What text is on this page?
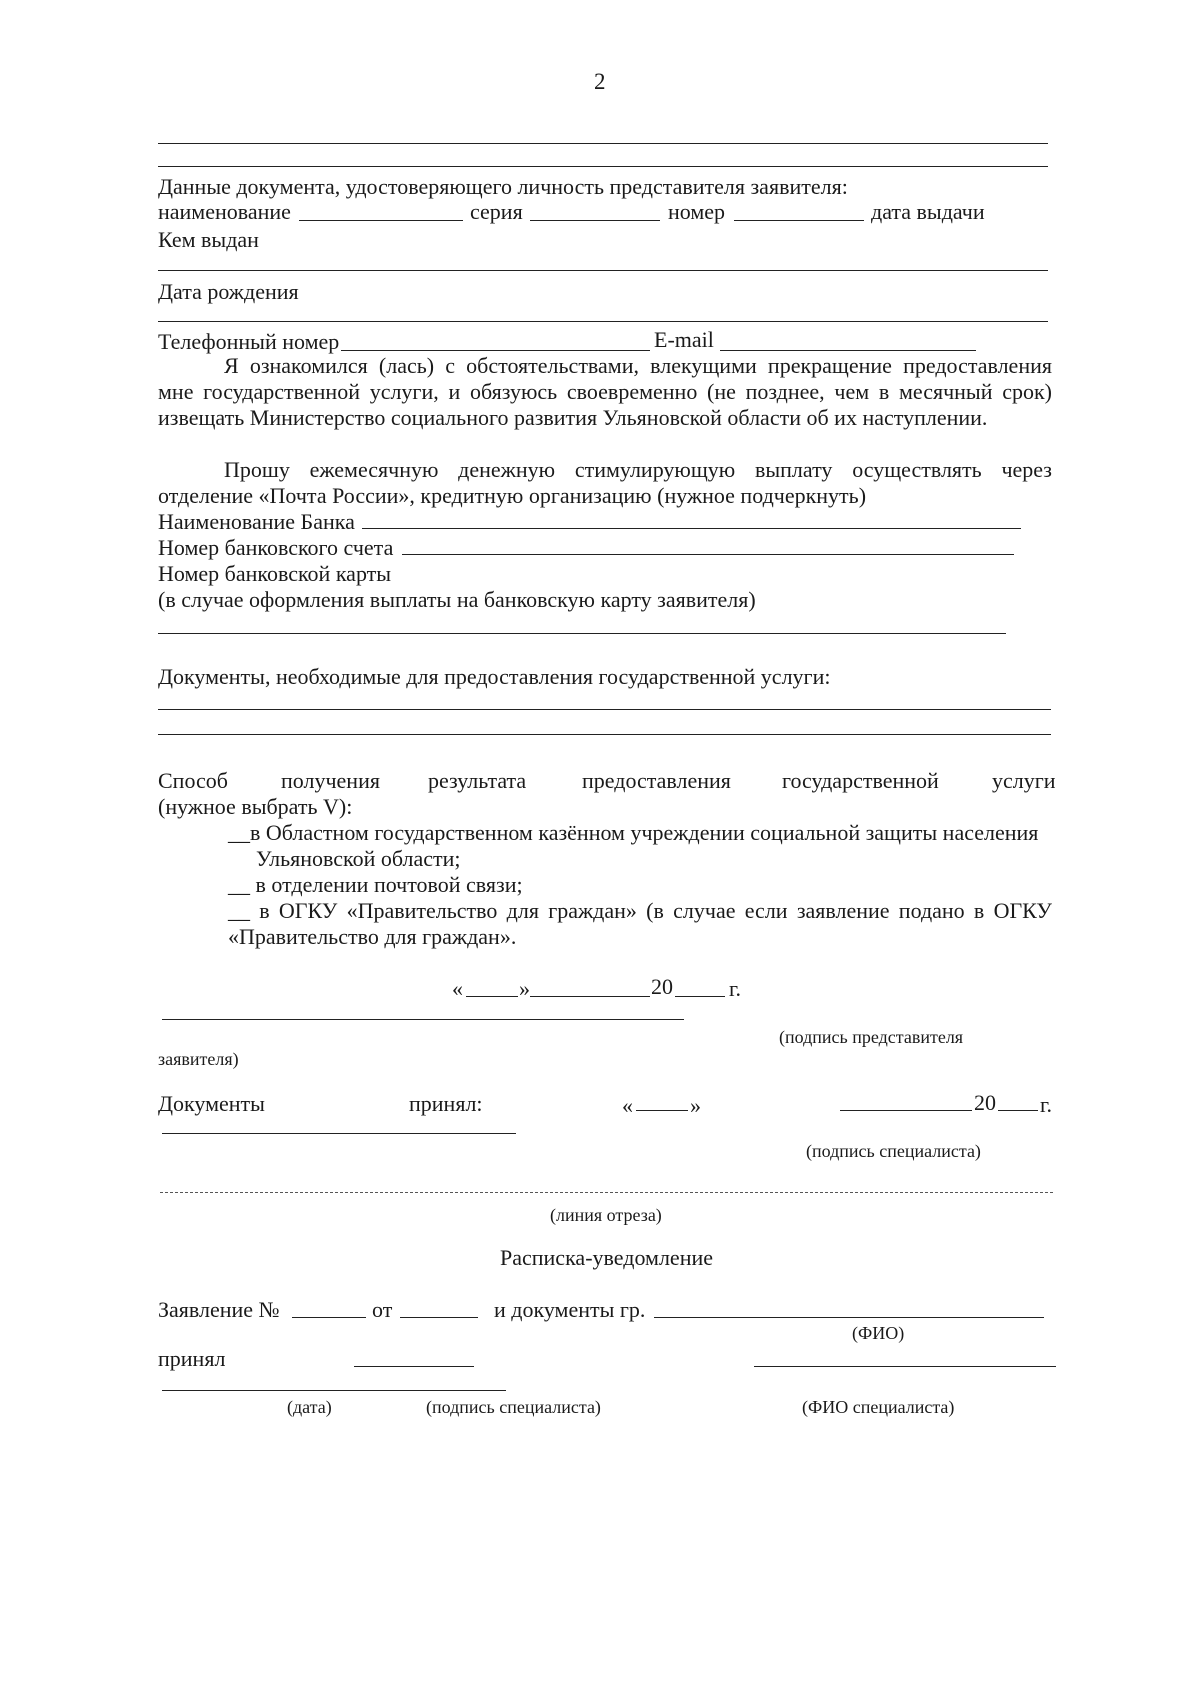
2
Данные документа, удостоверяющего личность представителя заявителя:
наименование	серия	номер	дата выдачи
Кем выдан
Дата рождения
Телефонный номер	E-mail
Я ознакомился (лась) с обстоятельствами, влекущими прекращение предоставления
мне государственной услуги, и обязуюсь своевременно (не позднее, чем в месячный срок)
извещать Министерство социального развития Ульяновской области об их наступлении.
Прошу ежемесячную денежную стимулирующую выплату осуществлять через
отделение «Почта России», кредитную организацию (нужное подчеркнуть)
Наименование Банка
Номер банковского счета
Номер банковской карты
(в случае оформления выплаты на банковскую карту заявителя)
Документы, необходимые для предоставления государственной услуги:
Способ получения результата	предоставления государственной услуги
(нужное выбрать V):
__в Областном государственном казённом учреждении социальной защиты населения
Ульяновской области;
__ в отделении почтовой связи;
__ в ОГКУ «Правительство для граждан» (в случае если заявление подано в ОГКУ
«Правительство для граждан».
«	»	20	г.
(подпись представителя
заявителя)
Документы	принял:	«	»	20 г.
(подпись специалиста)
(линия отреза)
Расписка-уведомление
Заявление №	от	и документы гр.
(ФИО)
принял
(дата)	(подпись специалиста)	(ФИО специалиста)
